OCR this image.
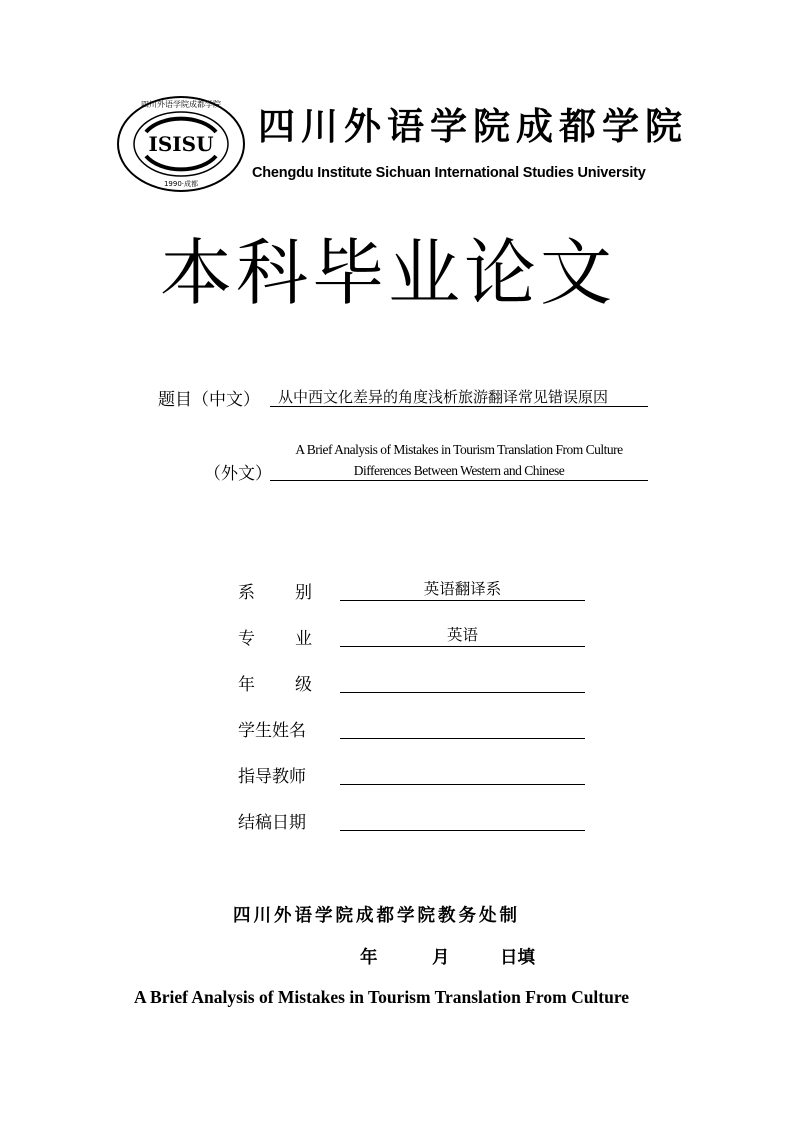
ISISU
四川外语学院成都学院
1990·成都
四川外语学院成都学院
Chengdu Institute Sichuan International Studies University
本科毕业论文
题目（中文） 从中西文化差异的角度浅析旅游翻译常见错误原因
（外文）
A Brief Analysis of Mistakes in Tourism Translation From Culture
Differences Between Western and Chinese
系 别	英语翻译系
专 业	英语
年 级
学生姓名
指导教师
结稿日期
四川外语学院成都学院教务处制
年	月	日填
A Brief Analysis of Mistakes in Tourism Translation From Culture
